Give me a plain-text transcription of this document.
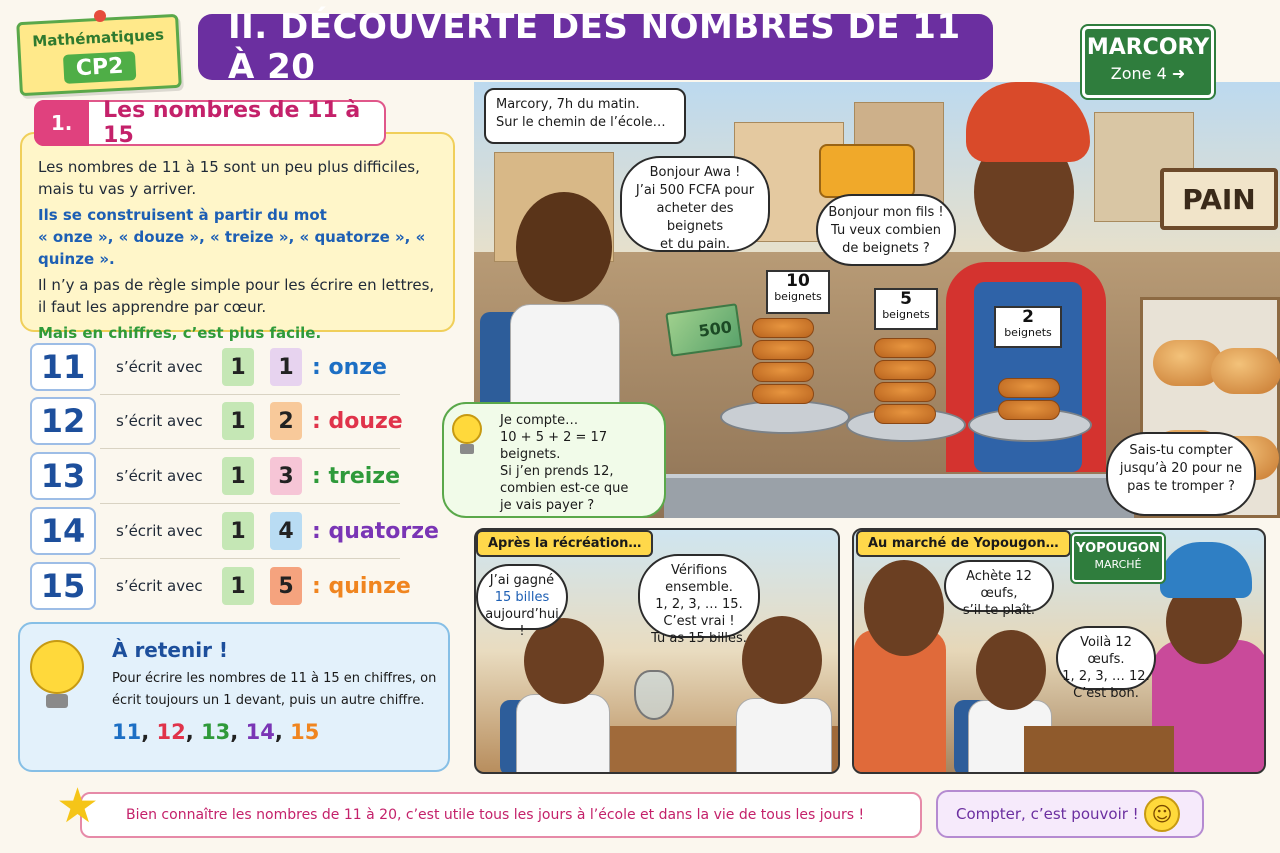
Mathématiques
CP2
II. DÉCOUVERTE DES NOMBRES DE 11 À 20	MARCORY
Zone 4 ➜
PAIN
Marcory, 7h du matin.
Sur le chemin de l’école…
Bonjour Awa !
J’ai 500 FCFA pour
acheter des beignets
et du pain.
Bonjour mon fils !
Tu veux combien
de beignets ?
500
10
beignets	5
beignets	2
beignets
Je compte…
10 + 5 + 2 = 17 beignets.
Si j’en prends 12,
combien est-ce que
je vais payer ?
Sais-tu compter
jusqu’à 20 pour ne
pas te tromper ?

Les nombres de 11 à 15 sont un peu plus difficiles, mais tu vas y arriver.

Ils se construisent à partir du mot

« onze », « douze », « treize », « quatorze », « quinze ».

Il n’y a pas de règle simple pour les écrire en lettres, il faut les apprendre par cœur.

Mais en chiffres, c’est plus facile.

1.	Les nombres de 11 à 15
11	s’écrit avec	1	1 : onze
12	s’écrit avec	1	2 : douze
13	s’écrit avec	1	3 : treize
14	s’écrit avec	1	4 : quatorze
15	s’écrit avec	1	5 : quinze
À retenir !
Pour écrire les nombres de 11 à 15 en chiffres, on écrit toujours un 1 devant, puis un autre chiffre.
11, 12, 13, 14, 15
Après la récréation…
J’ai gagné
15 billes
aujourd’hui !
Vérifions ensemble.
1, 2, 3, … 15.
C’est vrai !
Tu as 15 billes.
Au marché de Yopougon…	YOPOUGON
MARCHÉ
Achète 12 œufs,
s’il te plaît.
Voilà 12 œufs.
1, 2, 3, … 12.
C’est bon.
Bien connaître les nombres de 11 à 20, c’est utile tous les jours à l’école et dans la vie de tous les jours !
★	Compter, c’est pouvoir ! ☺
